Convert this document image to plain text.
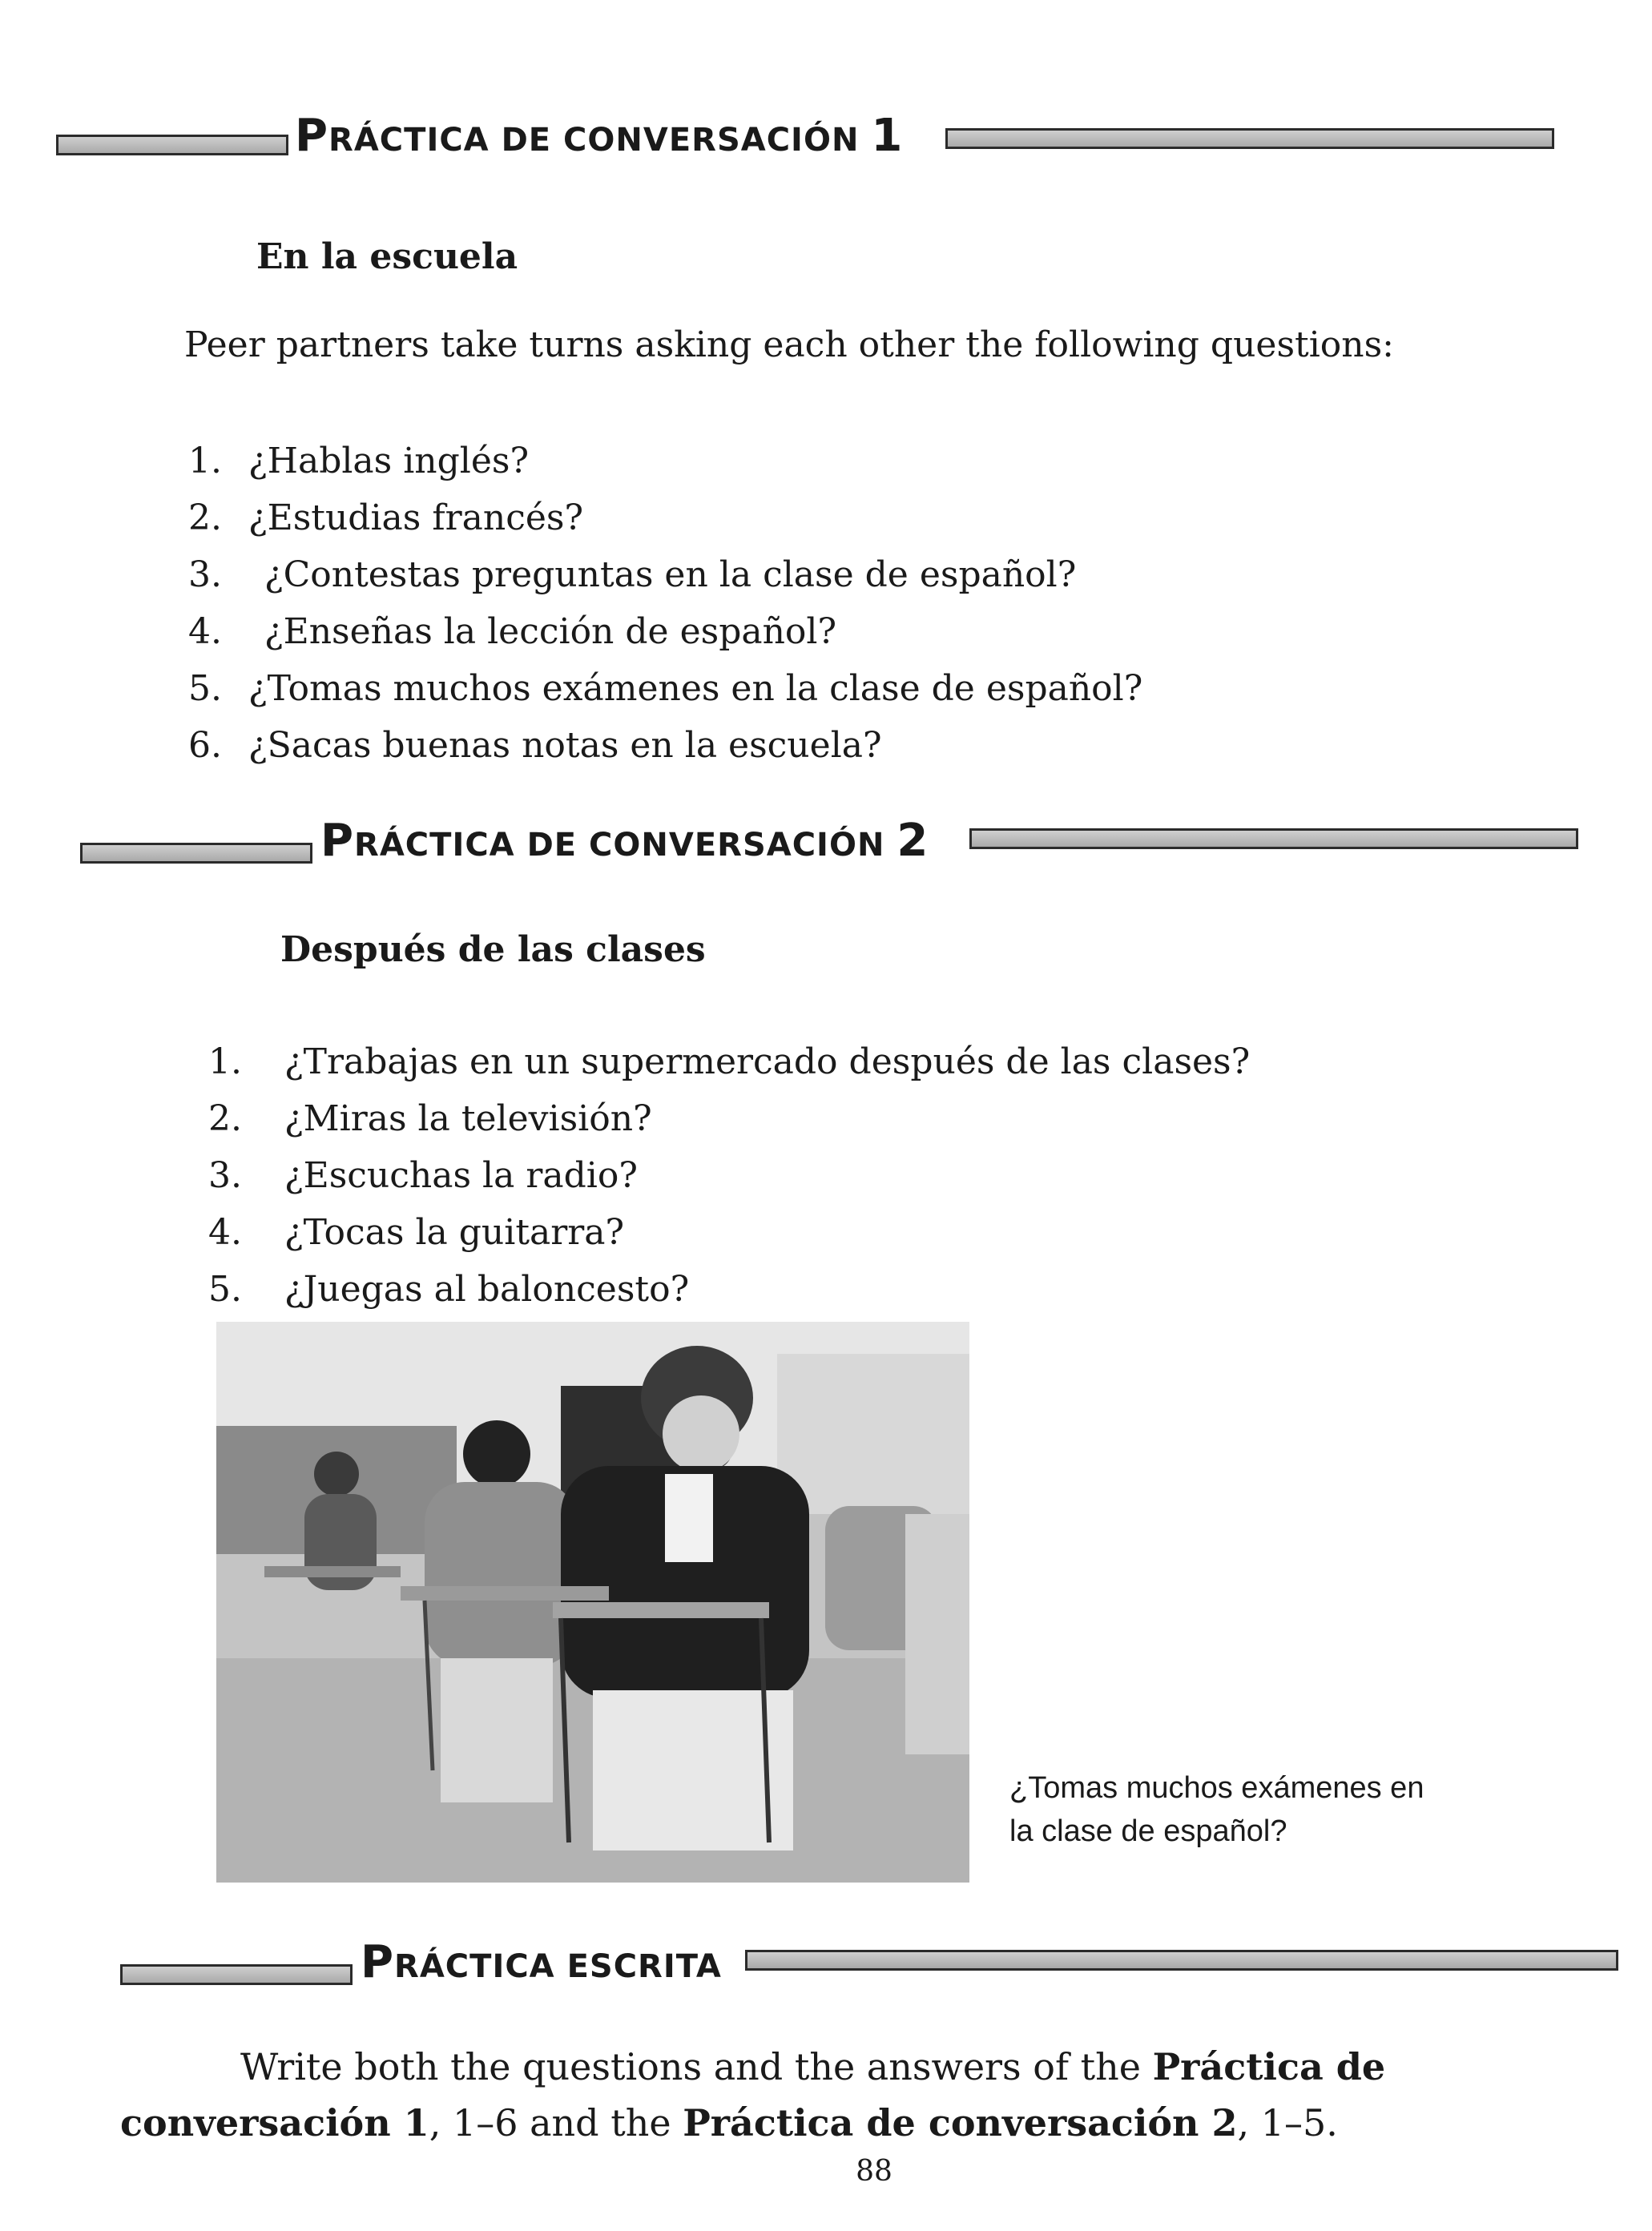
PRÁCTICA DE CONVERSACIÓN 1
En la escuela
Peer partners take turns asking each other the following questions:
1. ¿Hablas inglés?
2. ¿Estudias francés?
3.	¿Contestas preguntas en la clase de español?
4.	¿Enseñas la lección de español?
5. ¿Tomas muchos exámenes en la clase de español?
6. ¿Sacas buenas notas en la escuela?
PRÁCTICA DE CONVERSACIÓN 2
Después de las clases
1.	¿Trabajas en un supermercado después de las clases?
2.	¿Miras la televisión?
3.	¿Escuchas la radio?
4.	¿Tocas la guitarra?
5.	¿Juegas al baloncesto?
¿Tomas muchos exámenes en
la clase de español?
PRÁCTICA ESCRITA
Write both the questions and the answers of the Práctica de
conversación 1, 1–6 and the Práctica de conversación 2, 1–5.
88
